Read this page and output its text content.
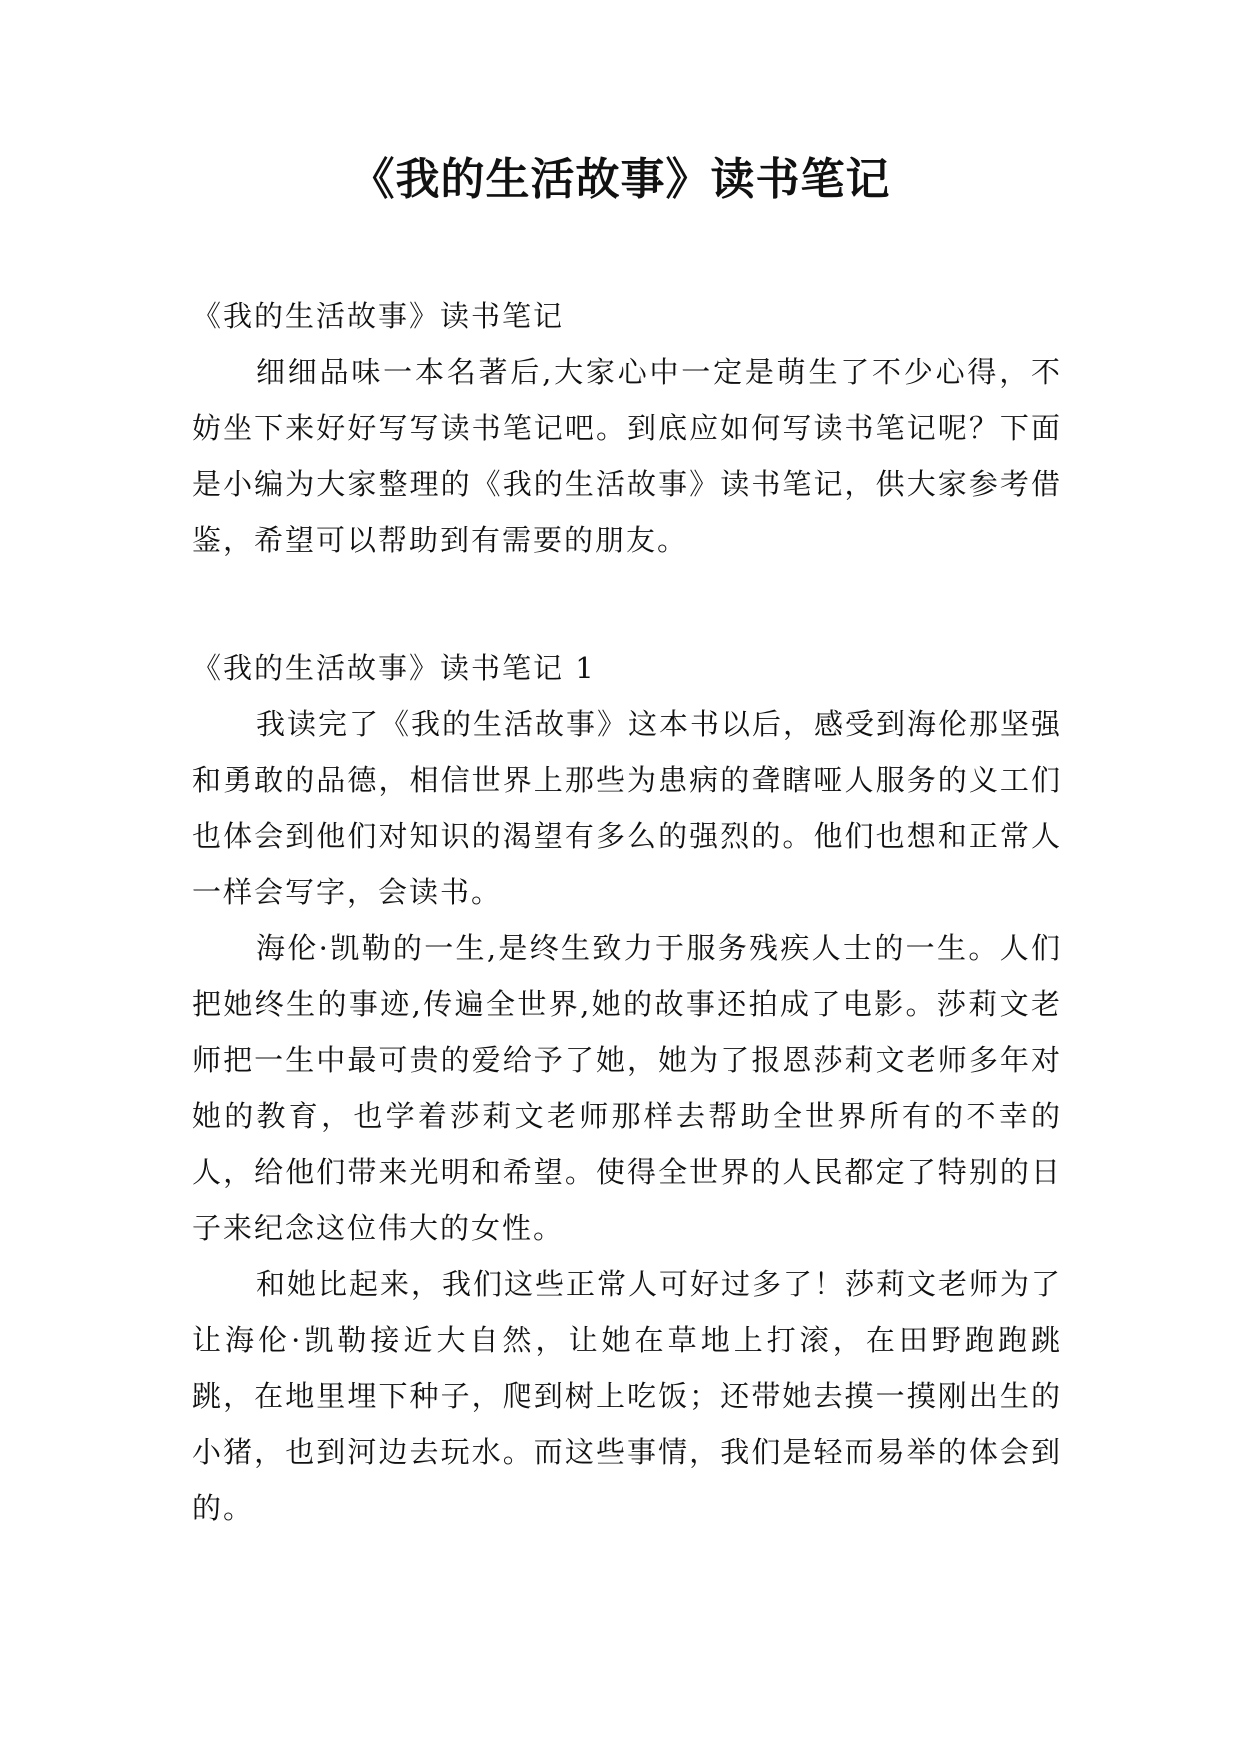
《我的生活故事》读书笔记
《我的生活故事》读书笔记

细细品味一本名著后,大家心中一定是萌生了不少心得，不妨坐下来好好写写读书笔记吧。到底应如何写读书笔记呢？下面是小编为大家整理的《我的生活故事》读书笔记，供大家参考借鉴，希望可以帮助到有需要的朋友。

《我的生活故事》读书笔记 1

我读完了《我的生活故事》这本书以后，感受到海伦那坚强和勇敢的品德，相信世界上那些为患病的聋瞎哑人服务的义工们也体会到他们对知识的渴望有多么的强烈的。他们也想和正常人一样会写字，会读书。

海伦·凯勒的一生,是终生致力于服务残疾人士的一生。人们把她终生的事迹,传遍全世界,她的故事还拍成了电影。莎莉文老师把一生中最可贵的爱给予了她，她为了报恩莎莉文老师多年对她的教育，也学着莎莉文老师那样去帮助全世界所有的不幸的人，给他们带来光明和希望。使得全世界的人民都定了特别的日子来纪念这位伟大的女性。

和她比起来，我们这些正常人可好过多了！莎莉文老师为了让海伦·凯勒接近大自然，让她在草地上打滚，在田野跑跑跳跳，在地里埋下种子，爬到树上吃饭；还带她去摸一摸刚出生的小猪，也到河边去玩水。而这些事情，我们是轻而易举的体会到的。
